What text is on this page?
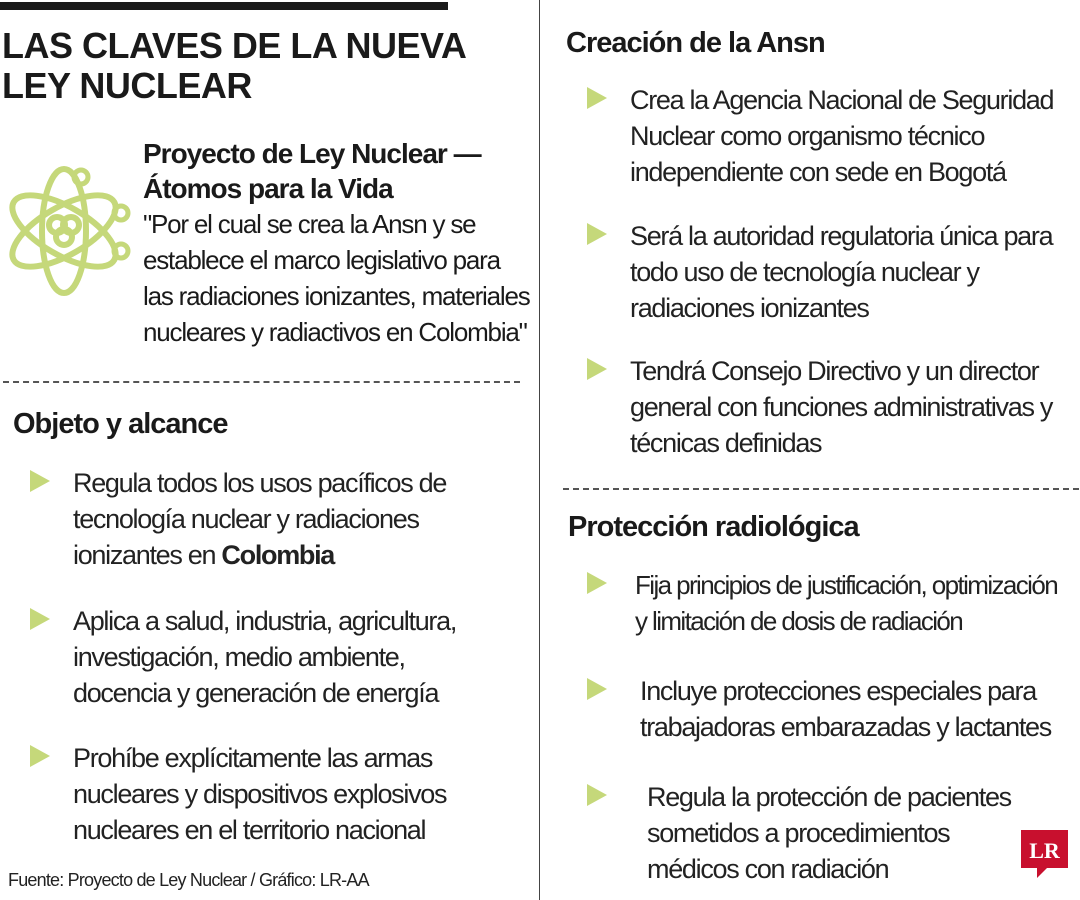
LAS CLAVES DE LA NUEVA
LEY NUCLEAR
Proyecto de Ley Nuclear —
Átomos para la Vida
"Por el cual se crea la Ansn y se
establece el marco legislativo para
las radiaciones ionizantes, materiales
nucleares y radiactivos en Colombia"
Objeto y alcance
Regula todos los usos pacíficos de
tecnología nuclear y radiaciones
ionizantes en Colombia
Aplica a salud, industria, agricultura,
investigación, medio ambiente,
docencia y generación de energía
Prohíbe explícitamente las armas
nucleares y dispositivos explosivos
nucleares en el territorio nacional
Creación de la Ansn
Crea la Agencia Nacional de Seguridad
Nuclear como organismo técnico
independiente con sede en Bogotá
Será la autoridad regulatoria única para
todo uso de tecnología nuclear y
radiaciones ionizantes
Tendrá Consejo Directivo y un director
general con funciones administrativas y
técnicas definidas
Protección radiológica
Fija principios de justificación, optimización
y limitación de dosis de radiación
Incluye protecciones especiales para
trabajadoras embarazadas y lactantes
Regula la protección de pacientes
sometidos a procedimientos
médicos con radiación
Fuente: Proyecto de Ley Nuclear / Gráfico: LR-AA
LR
